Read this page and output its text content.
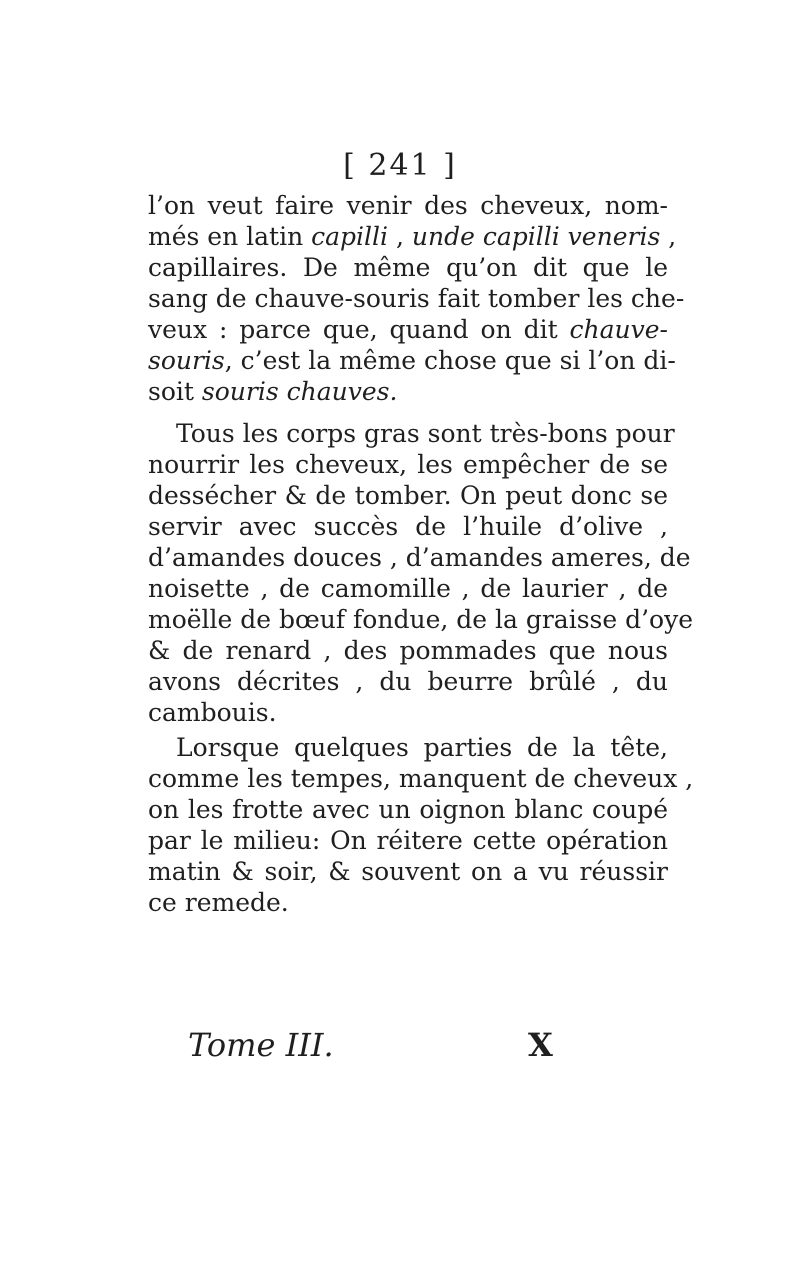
[ 241 ]
l’on veut faire venir des cheveux, nom-
més en latin capilli , unde capilli veneris ,
capillaires. De même qu’on dit que le
sang de chauve-souris fait tomber les che-
veux : parce que, quand on dit chauve-
souris, c’est la même chose que si l’on di-
soit souris chauves.
Tous les corps gras sont très-bons pour
nourrir les cheveux, les empêcher de se
dessécher & de tomber. On peut donc se
servir avec succès de l’huile d’olive ,
d’amandes douces , d’amandes ameres, de
noisette , de camomille , de laurier , de
moëlle de bœuf fondue, de la graisse d’oye
& de renard , des pommades que nous
avons décrites , du beurre brûlé , du
cambouis.
Lorsque quelques parties de la tête,
comme les tempes, manquent de cheveux ,
on les frotte avec un oignon blanc coupé
par le milieu: On réitere cette opération
matin & soir, & souvent on a vu réussir
ce remede.
Tome III.	X
